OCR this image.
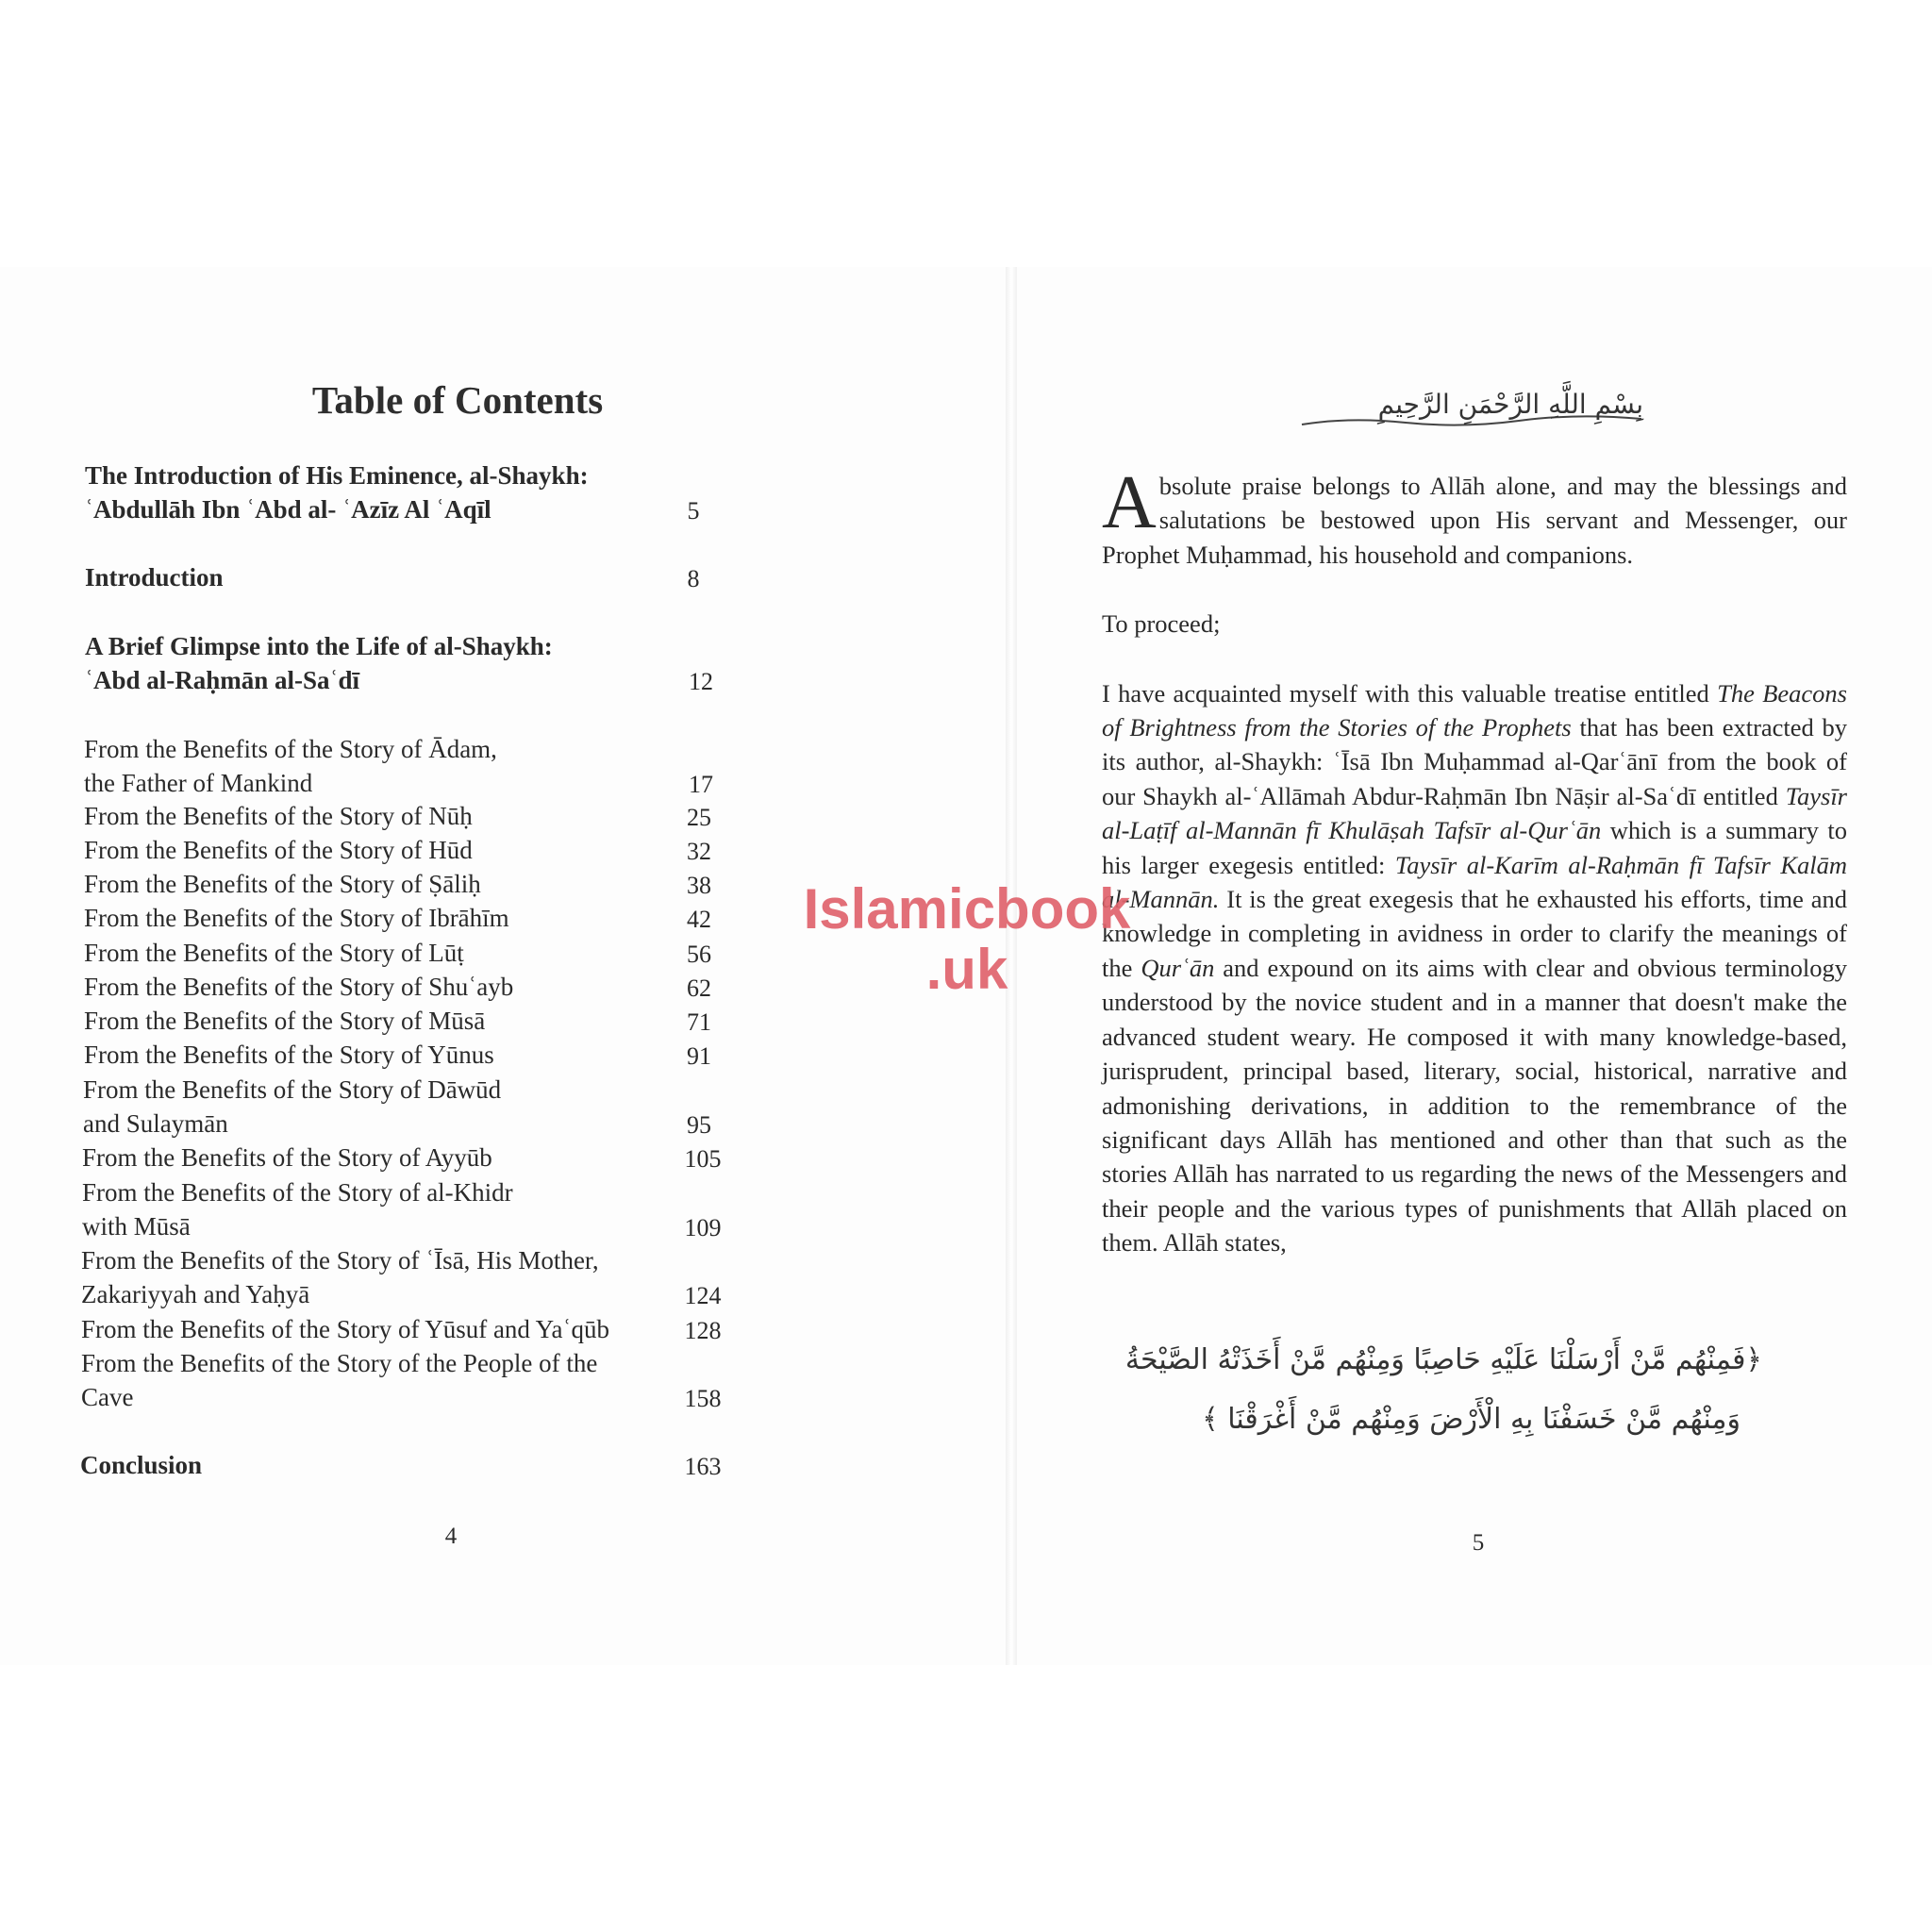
Table of Contents
The Introduction of His Eminence, al-Shaykh:
ʿAbdullāh Ibn ʿAbd al- ʿAzīz Al ʿAqīl	5
Introduction	8
A Brief Glimpse into the Life of al-Shaykh:
ʿAbd al-Raḥmān al-Saʿdī	12
From the Benefits of the Story of Ādam,
the Father of Mankind	17
From the Benefits of the Story of Nūḥ	25
From the Benefits of the Story of Hūd	32
From the Benefits of the Story of Ṣāliḥ	38
From the Benefits of the Story of Ibrāhīm	42
From the Benefits of the Story of Lūṭ	56
From the Benefits of the Story of Shuʿayb	62
From the Benefits of the Story of Mūsā	71
From the Benefits of the Story of Yūnus	91
From the Benefits of the Story of Dāwūd
and Sulaymān	95
From the Benefits of the Story of Ayyūb	105
From the Benefits of the Story of al-Khidr
with Mūsā	109
From the Benefits of the Story of ʿĪsā, His Mother,
Zakariyyah and Yaḥyā	124
From the Benefits of the Story of Yūsuf and Yaʿqūb	128
From the Benefits of the Story of the People of the
Cave	158
Conclusion	163
4
بِسْمِ اللَّهِ الرَّحْمَنِ الرَّحِيمِ

Absolute praise belongs to Allāh alone, and may the blessings and salutations be bestowed upon His servant and Messenger, our Prophet Muḥammad, his household and companions.

To proceed;

I have acquainted myself with this valuable treatise entitled The Beacons of Brightness from the Stories of the Prophets that has been extracted by its author, al-Shaykh: ʿĪsā Ibn Muḥammad al-Qarʿānī from the book of our Shaykh al-ʿAllāmah Abdur-Raḥmān Ibn Nāṣir al-Saʿdī entitled Taysīr al-Laṭīf al-Mannān fī Khulāṣah Tafsīr al-Qurʿān which is a summary to his larger exegesis entitled: Taysīr al-Karīm al-Raḥmān fī Tafsīr Kalām al-Mannān. It is the great exegesis that he exhausted his efforts, time and knowledge in completing in avidness in order to clarify the meanings of the Qurʿān and expound on its aims with clear and obvious terminology understood by the novice student and in a manner that doesn't make the advanced student weary. He composed it with many knowledge-based, jurisprudent, principal based, literary, social, historical, narrative and admonishing derivations, in addition to the remembrance of the significant days Allāh has mentioned and other than that such as the stories Allāh has narrated to us regarding the news of the Messengers and their people and the various types of punishments that Allāh placed on them. Allāh states,

﴿فَمِنْهُم مَّنْ أَرْسَلْنَا عَلَيْهِ حَاصِبًا وَمِنْهُم مَّنْ أَخَذَتْهُ الصَّيْحَةُ
وَمِنْهُم مَّنْ خَسَفْنَا بِهِ الْأَرْضَ وَمِنْهُم مَّنْ أَغْرَقْنَا ﴾
5
Islamicbook
.uk
